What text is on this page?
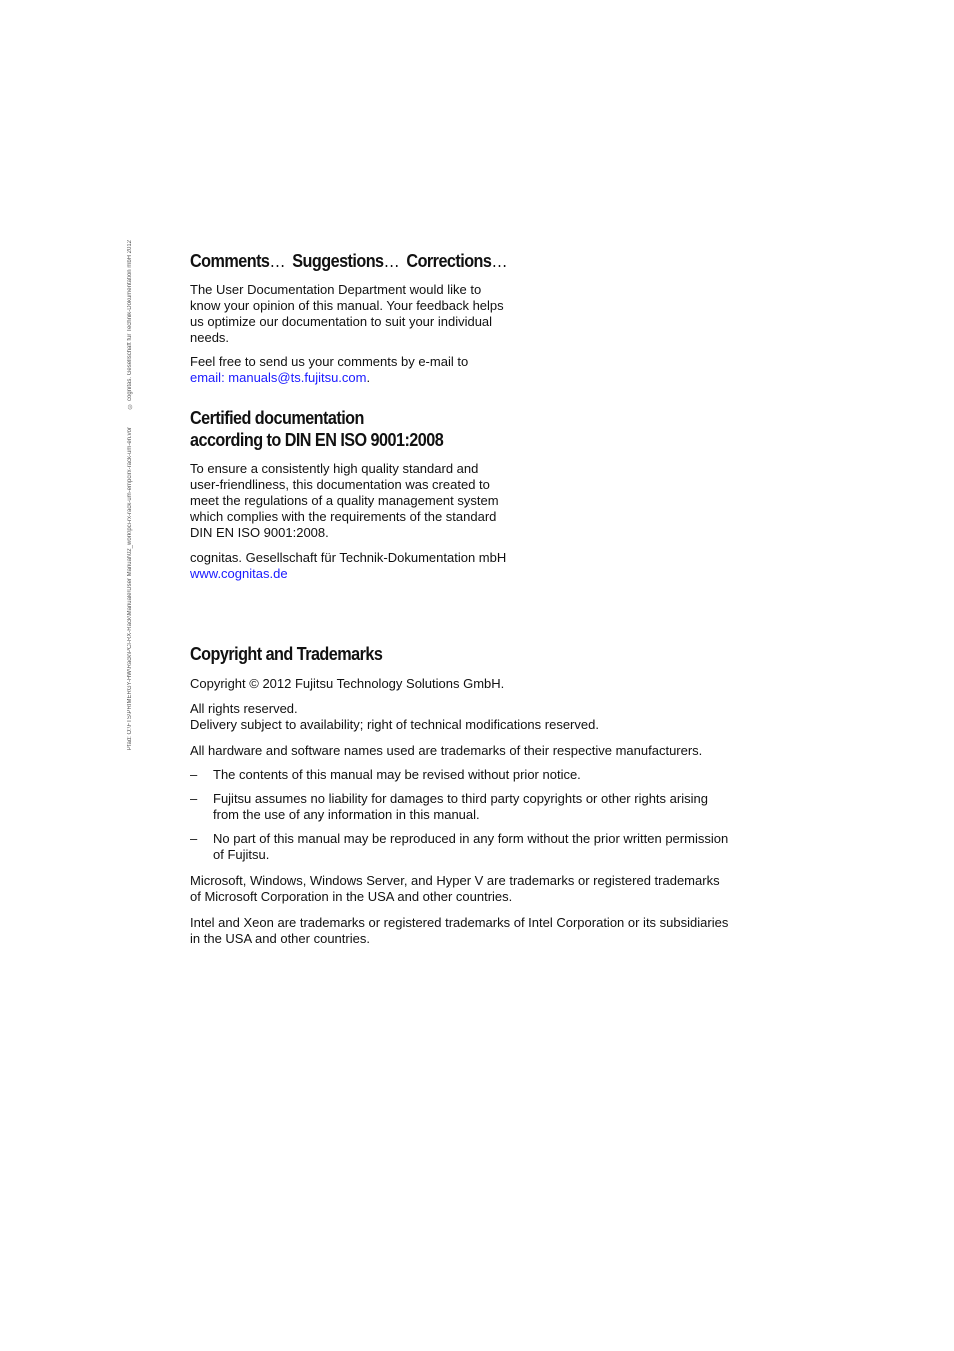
© cognitas. Gesellschaft für Technik-Dokumentation mbH 2012
Pfad: O:\FTS\PRIMERGY-HW\Rack\PCI-RX-Rack\Manuale\User Manual\02_work\pci-rx-rack-um-en\pcirx-rack-um-en.vor
Comments… Suggestions… Corrections…

The User Documentation Department would like to know your opinion of this manual. Your feedback helps us optimize our documentation to suit your individual needs.

Feel free to send us your comments by e-mail to
email: manuals@ts.fujitsu.com.

Certified documentation
according to DIN EN ISO 9001:2008

To ensure a consistently high quality standard and user-friendliness, this documentation was created to meet the regulations of a quality management system which complies with the requirements of the standard DIN EN ISO 9001:2008.

cognitas. Gesellschaft für Technik-Dokumentation mbH
www.cognitas.de

Copyright and Trademarks

Copyright © 2012 Fujitsu Technology Solutions GmbH.

All rights reserved.
Delivery subject to availability; right of technical modifications reserved.

All hardware and software names used are trademarks of their respective manufacturers.

– The contents of this manual may be revised without prior notice.
– Fujitsu assumes no liability for damages to third party copyrights or other rights arising from the use of any information in this manual.
– No part of this manual may be reproduced in any form without the prior written permission of Fujitsu.

Microsoft, Windows, Windows Server, and Hyper V are trademarks or registered trademarks of Microsoft Corporation in the USA and other countries.

Intel and Xeon are trademarks or registered trademarks of Intel Corporation or its subsidiaries in the USA and other countries.
